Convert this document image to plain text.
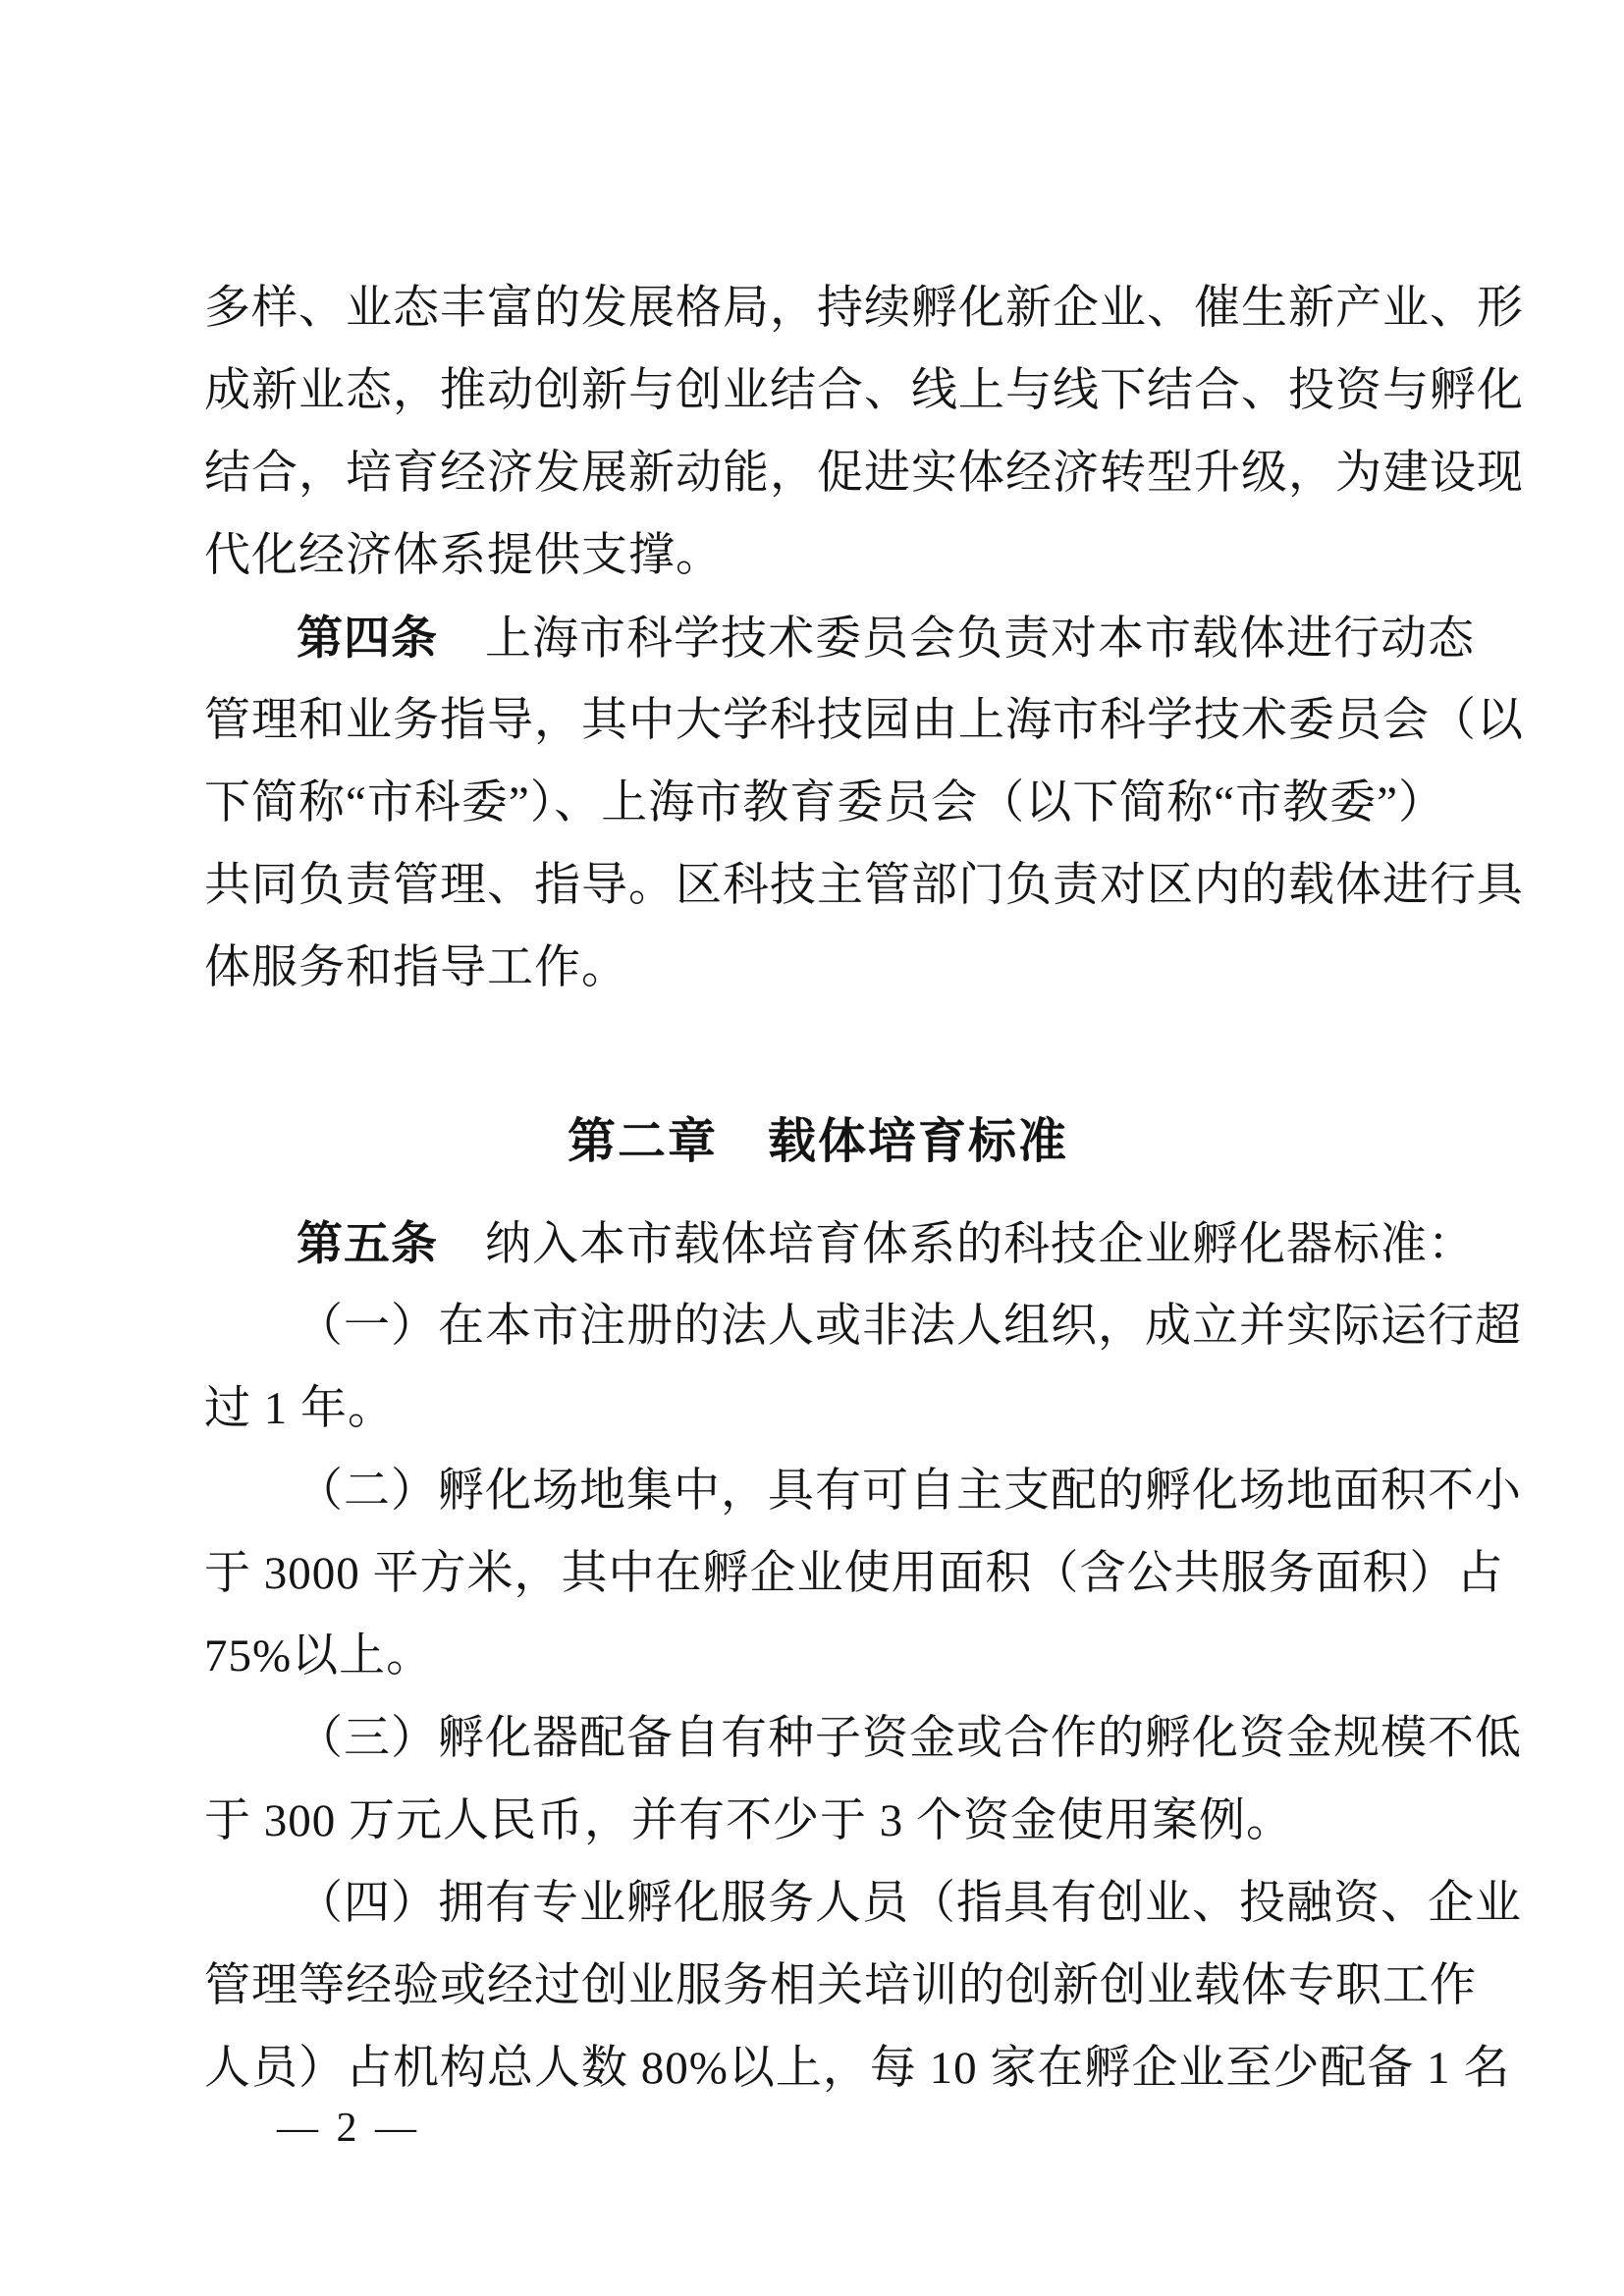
多样、业态丰富的发展格局，持续孵化新企业、催生新产业、形
成新业态，推动创新与创业结合、线上与线下结合、投资与孵化
结合，培育经济发展新动能，促进实体经济转型升级，为建设现
代化经济体系提供支撑。
第四条　上海市科学技术委员会负责对本市载体进行动态
管理和业务指导，其中大学科技园由上海市科学技术委员会（以
下简称“市科委”）、上海市教育委员会（以下简称“市教委”）
共同负责管理、指导。区科技主管部门负责对区内的载体进行具
体服务和指导工作。
第二章　载体培育标准
第五条　纳入本市载体培育体系的科技企业孵化器标准：
（一）在本市注册的法人或非法人组织，成立并实际运行超
过 1 年。
（二）孵化场地集中，具有可自主支配的孵化场地面积不小
于 3000 平方米，其中在孵企业使用面积（含公共服务面积）占
75%以上。
（三）孵化器配备自有种子资金或合作的孵化资金规模不低
于 300 万元人民币，并有不少于 3 个资金使用案例。
（四）拥有专业孵化服务人员（指具有创业、投融资、企业
管理等经验或经过创业服务相关培训的创新创业载体专职工作
人员）占机构总人数 80%以上，每 10 家在孵企业至少配备 1 名
— 2 —
